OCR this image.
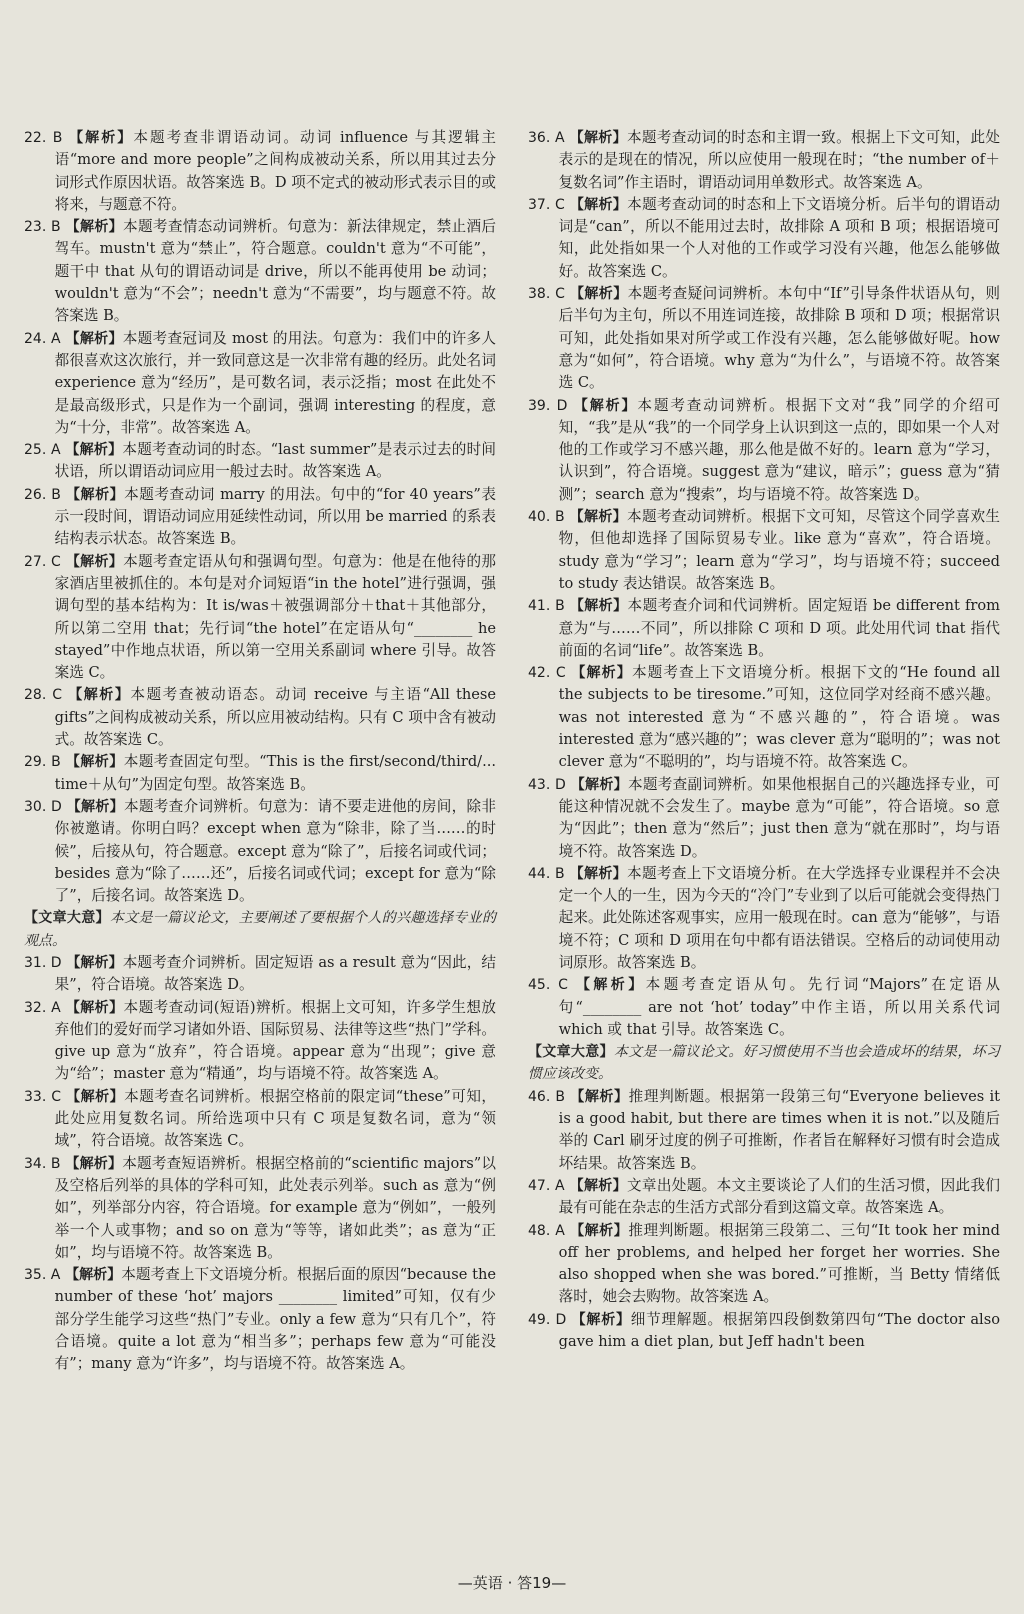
22. B 【解析】本题考查非谓语动词。动词 influence 与其逻辑主语“more and more people”之间构成被动关系，所以用其过去分词形式作原因状语。故答案选 B。D 项不定式的被动形式表示目的或将来，与题意不符。

23. B 【解析】本题考查情态动词辨析。句意为：新法律规定，禁止酒后驾车。mustn't 意为“禁止”，符合题意。couldn't 意为“不可能”，题干中 that 从句的谓语动词是 drive，所以不能再使用 be 动词；wouldn't 意为“不会”；needn't 意为“不需要”，均与题意不符。故答案选 B。

24. A 【解析】本题考查冠词及 most 的用法。句意为：我们中的许多人都很喜欢这次旅行，并一致同意这是一次非常有趣的经历。此处名词 experience 意为“经历”，是可数名词，表示泛指；most 在此处不是最高级形式，只是作为一个副词，强调 interesting 的程度，意为“十分，非常”。故答案选 A。

25. A 【解析】本题考查动词的时态。“last summer”是表示过去的时间状语，所以谓语动词应用一般过去时。故答案选 A。

26. B 【解析】本题考查动词 marry 的用法。句中的“for 40 years”表示一段时间，谓语动词应用延续性动词，所以用 be married 的系表结构表示状态。故答案选 B。

27. C 【解析】本题考查定语从句和强调句型。句意为：他是在他待的那家酒店里被抓住的。本句是对介词短语“in the hotel”进行强调，强调句型的基本结构为：It is/was＋被强调部分＋that＋其他部分，所以第二空用 that；先行词“the hotel”在定语从句“________ he stayed”中作地点状语，所以第一空用关系副词 where 引导。故答案选 C。

28. C 【解析】本题考查被动语态。动词 receive 与主语“All these gifts”之间构成被动关系，所以应用被动结构。只有 C 项中含有被动式。故答案选 C。

29. B 【解析】本题考查固定句型。“This is the first/second/third/... time＋从句”为固定句型。故答案选 B。

30. D 【解析】本题考查介词辨析。句意为：请不要走进他的房间，除非你被邀请。你明白吗？except when 意为“除非，除了当……的时候”，后接从句，符合题意。except 意为“除了”，后接名词或代词；besides 意为“除了……还”，后接名词或代词；except for 意为“除了”，后接名词。故答案选 D。

【文章大意】本文是一篇议论文，主要阐述了要根据个人的兴趣选择专业的观点。

31. D 【解析】本题考查介词辨析。固定短语 as a result 意为“因此，结果”，符合语境。故答案选 D。

32. A 【解析】本题考查动词(短语)辨析。根据上文可知，许多学生想放弃他们的爱好而学习诸如外语、国际贸易、法律等这些“热门”学科。give up 意为“放弃”，符合语境。appear 意为“出现”；give 意为“给”；master 意为“精通”，均与语境不符。故答案选 A。

33. C 【解析】本题考查名词辨析。根据空格前的限定词“these”可知，此处应用复数名词。所给选项中只有 C 项是复数名词，意为“领域”，符合语境。故答案选 C。

34. B 【解析】本题考查短语辨析。根据空格前的“scientific majors”以及空格后列举的具体的学科可知，此处表示列举。such as 意为“例如”，列举部分内容，符合语境。for example 意为“例如”，一般列举一个人或事物；and so on 意为“等等，诸如此类”；as 意为“正如”，均与语境不符。故答案选 B。

35. A 【解析】本题考查上下文语境分析。根据后面的原因“because the number of these ‘hot’ majors ________ limited”可知，仅有少部分学生能学习这些“热门”专业。only a few 意为“只有几个”，符合语境。quite a lot 意为“相当多”；perhaps few 意为“可能没有”；many 意为“许多”，均与语境不符。故答案选 A。

36. A 【解析】本题考查动词的时态和主谓一致。根据上下文可知，此处表示的是现在的情况，所以应使用一般现在时；“the number of＋复数名词”作主语时，谓语动词用单数形式。故答案选 A。

37. C 【解析】本题考查动词的时态和上下文语境分析。后半句的谓语动词是“can”，所以不能用过去时，故排除 A 项和 B 项；根据语境可知，此处指如果一个人对他的工作或学习没有兴趣，他怎么能够做好。故答案选 C。

38. C 【解析】本题考查疑问词辨析。本句中“If”引导条件状语从句，则后半句为主句，所以不用连词连接，故排除 B 项和 D 项；根据常识可知，此处指如果对所学或工作没有兴趣，怎么能够做好呢。how 意为“如何”，符合语境。why 意为“为什么”，与语境不符。故答案选 C。

39. D 【解析】本题考查动词辨析。根据下文对“我”同学的介绍可知，“我”是从“我”的一个同学身上认识到这一点的，即如果一个人对他的工作或学习不感兴趣，那么他是做不好的。learn 意为“学习，认识到”，符合语境。suggest 意为“建议，暗示”；guess 意为“猜测”；search 意为“搜索”，均与语境不符。故答案选 D。

40. B 【解析】本题考查动词辨析。根据下文可知，尽管这个同学喜欢生物，但他却选择了国际贸易专业。like 意为“喜欢”，符合语境。study 意为“学习”；learn 意为“学习”，均与语境不符；succeed to study 表达错误。故答案选 B。

41. B 【解析】本题考查介词和代词辨析。固定短语 be different from 意为“与……不同”，所以排除 C 项和 D 项。此处用代词 that 指代前面的名词“life”。故答案选 B。

42. C 【解析】本题考查上下文语境分析。根据下文的“He found all the subjects to be tiresome.”可知，这位同学对经商不感兴趣。was not interested 意为“不感兴趣的”，符合语境。was interested 意为“感兴趣的”；was clever 意为“聪明的”；was not clever 意为“不聪明的”，均与语境不符。故答案选 C。

43. D 【解析】本题考查副词辨析。如果他根据自己的兴趣选择专业，可能这种情况就不会发生了。maybe 意为“可能”，符合语境。so 意为“因此”；then 意为“然后”；just then 意为“就在那时”，均与语境不符。故答案选 D。

44. B 【解析】本题考查上下文语境分析。在大学选择专业课程并不会决定一个人的一生，因为今天的“冷门”专业到了以后可能就会变得热门起来。此处陈述客观事实，应用一般现在时。can 意为“能够”，与语境不符；C 项和 D 项用在句中都有语法错误。空格后的动词使用动词原形。故答案选 B。

45. C 【解析】本题考查定语从句。先行词“Majors”在定语从句“________ are not ‘hot’ today”中作主语，所以用关系代词 which 或 that 引导。故答案选 C。

【文章大意】本文是一篇议论文。好习惯使用不当也会造成坏的结果，坏习惯应该改变。

46. B 【解析】推理判断题。根据第一段第三句“Everyone believes it is a good habit, but there are times when it is not.”以及随后举的 Carl 刷牙过度的例子可推断，作者旨在解释好习惯有时会造成坏结果。故答案选 B。

47. A 【解析】文章出处题。本文主要谈论了人们的生活习惯，因此我们最有可能在杂志的生活方式部分看到这篇文章。故答案选 A。

48. A 【解析】推理判断题。根据第三段第二、三句“It took her mind off her problems, and helped her forget her worries. She also shopped when she was bored.”可推断，当 Betty 情绪低落时，她会去购物。故答案选 A。

49. D 【解析】细节理解题。根据第四段倒数第四句“The doctor also gave him a diet plan, but Jeff hadn't been

—英语 · 答19—
